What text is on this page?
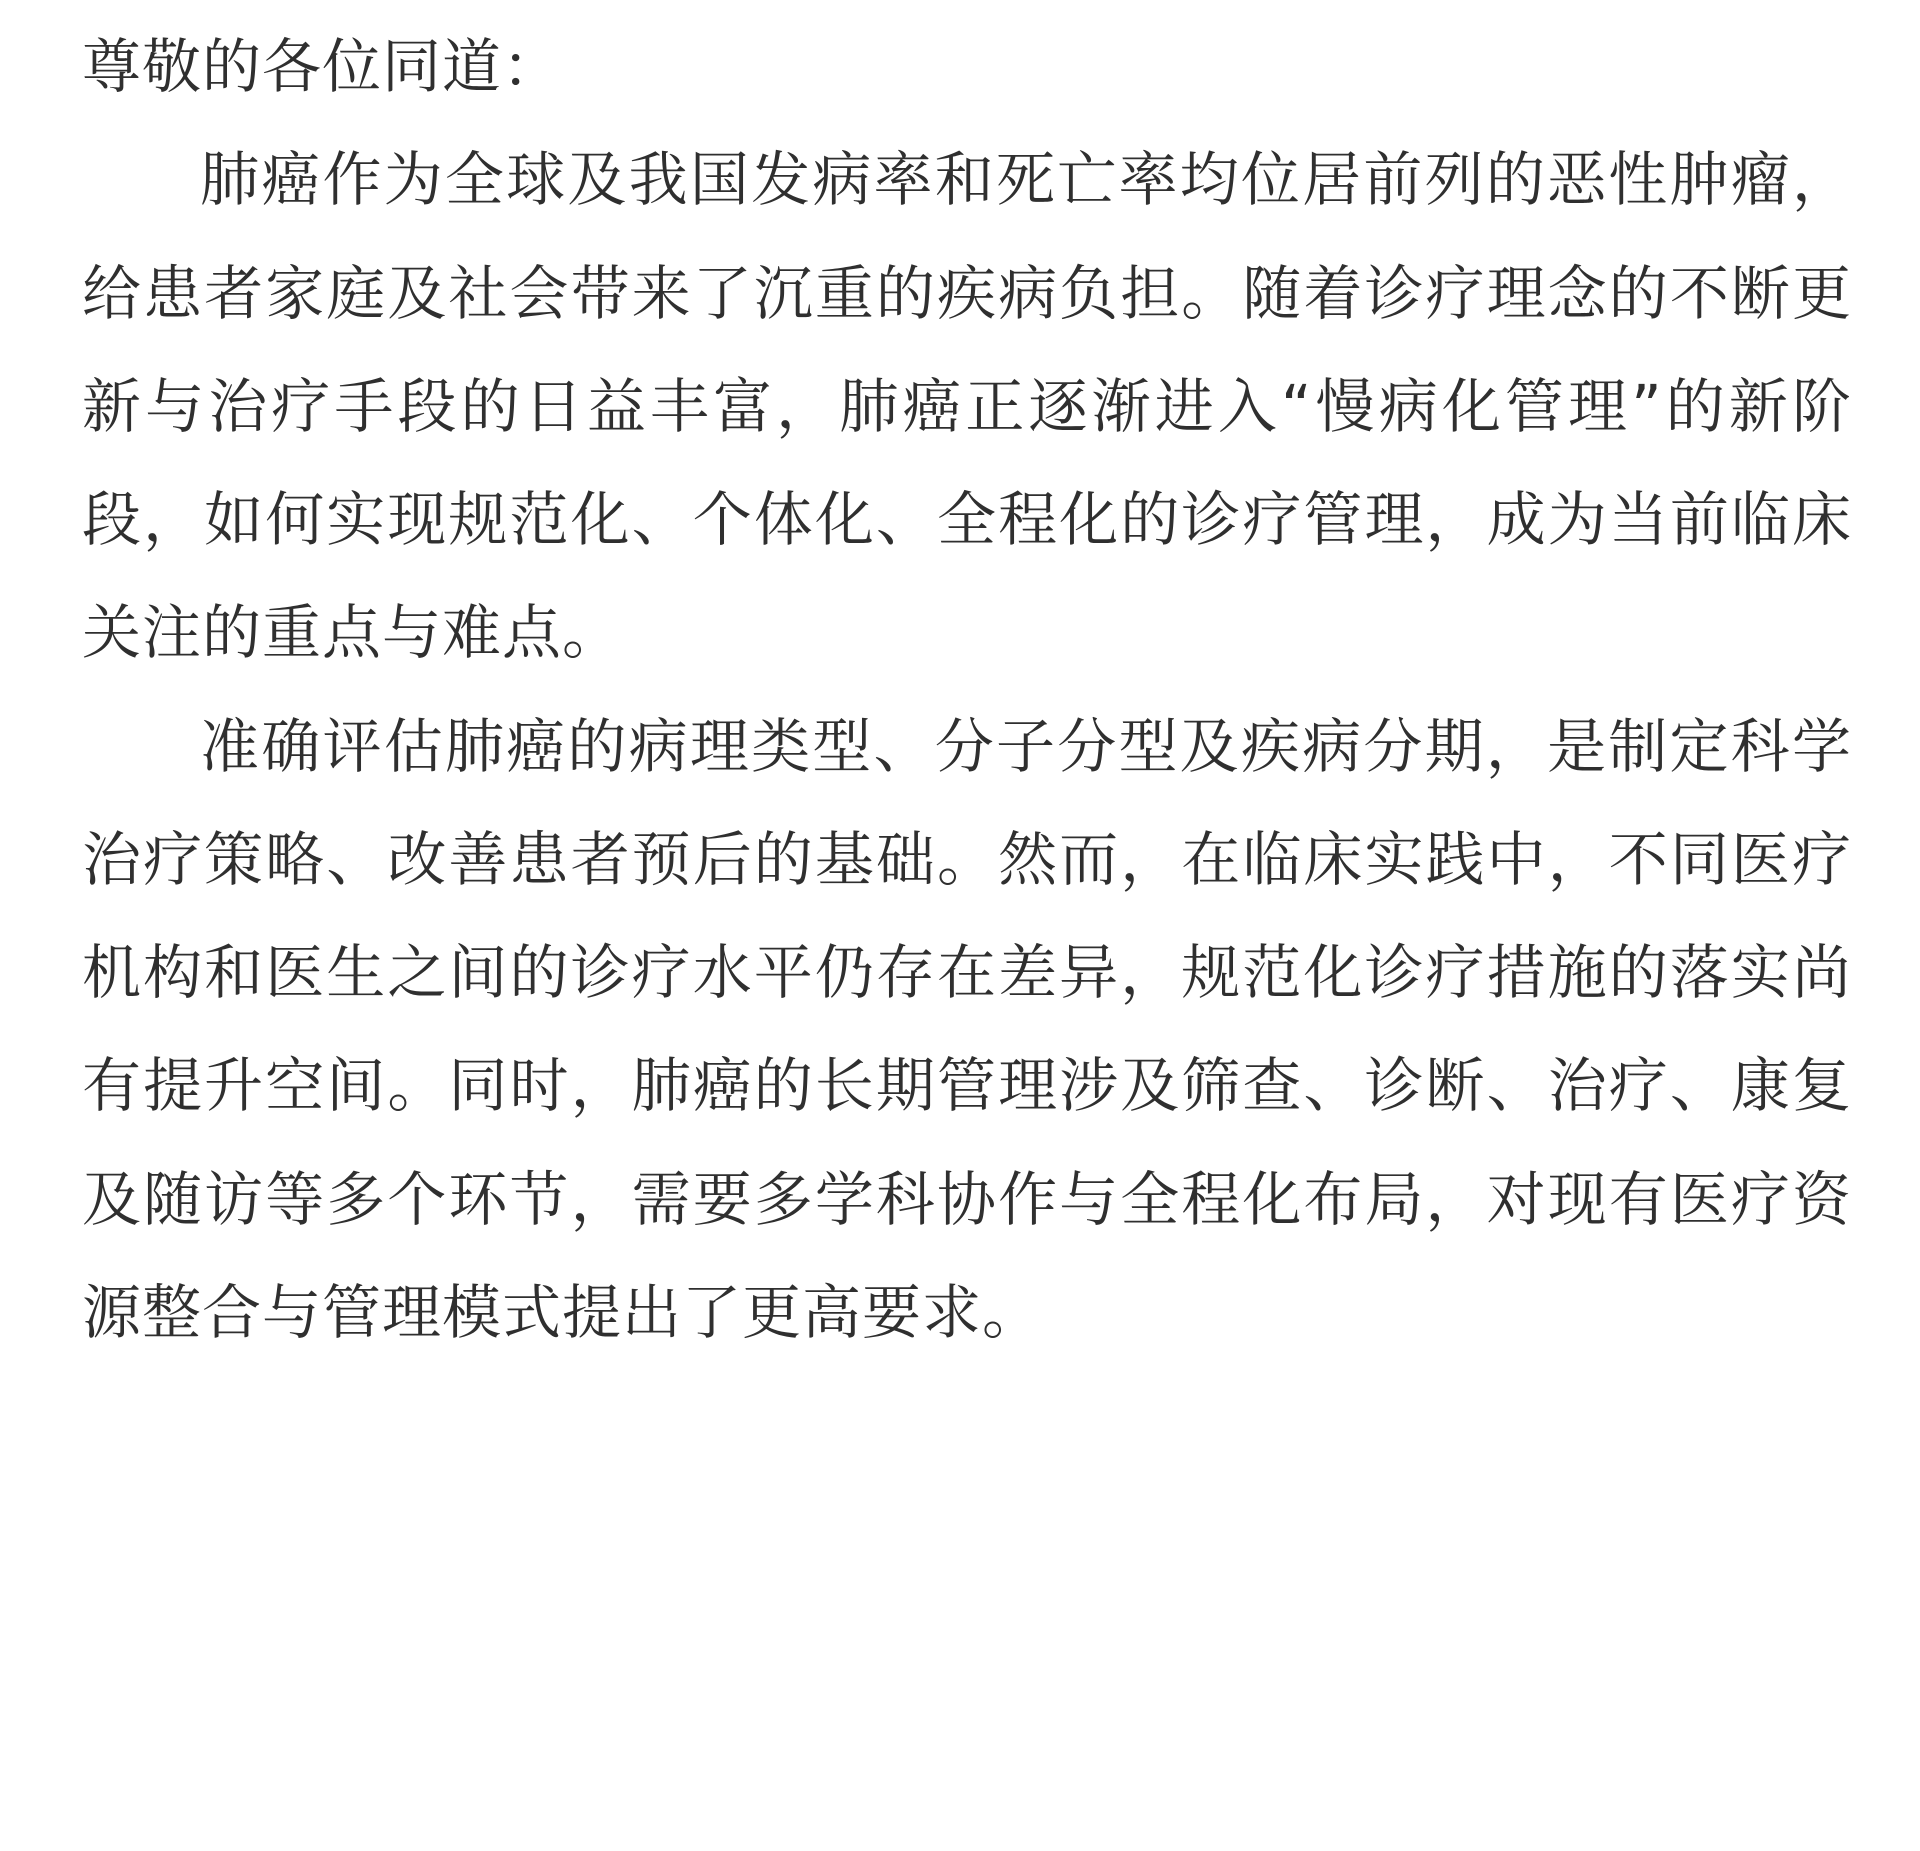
尊敬的各位同道：

肺癌作为全球及我国发病率和死亡率均位居前列的恶性肿瘤，给患者家庭及社会带来了沉重的疾病负担。随着诊疗理念的不断更新与治疗手段的日益丰富，肺癌正逐渐进入“慢病化管理”的新阶段，如何实现规范化、个体化、全程化的诊疗管理，成为当前临床关注的重点与难点。

准确评估肺癌的病理类型、分子分型及疾病分期，是制定科学治疗策略、改善患者预后的基础。然而，在临床实践中，不同医疗机构和医生之间的诊疗水平仍存在差异，规范化诊疗措施的落实尚有提升空间。同时，肺癌的长期管理涉及筛查、诊断、治疗、康复及随访等多个环节，需要多学科协作与全程化布局，对现有医疗资源整合与管理模式提出了更高要求。
